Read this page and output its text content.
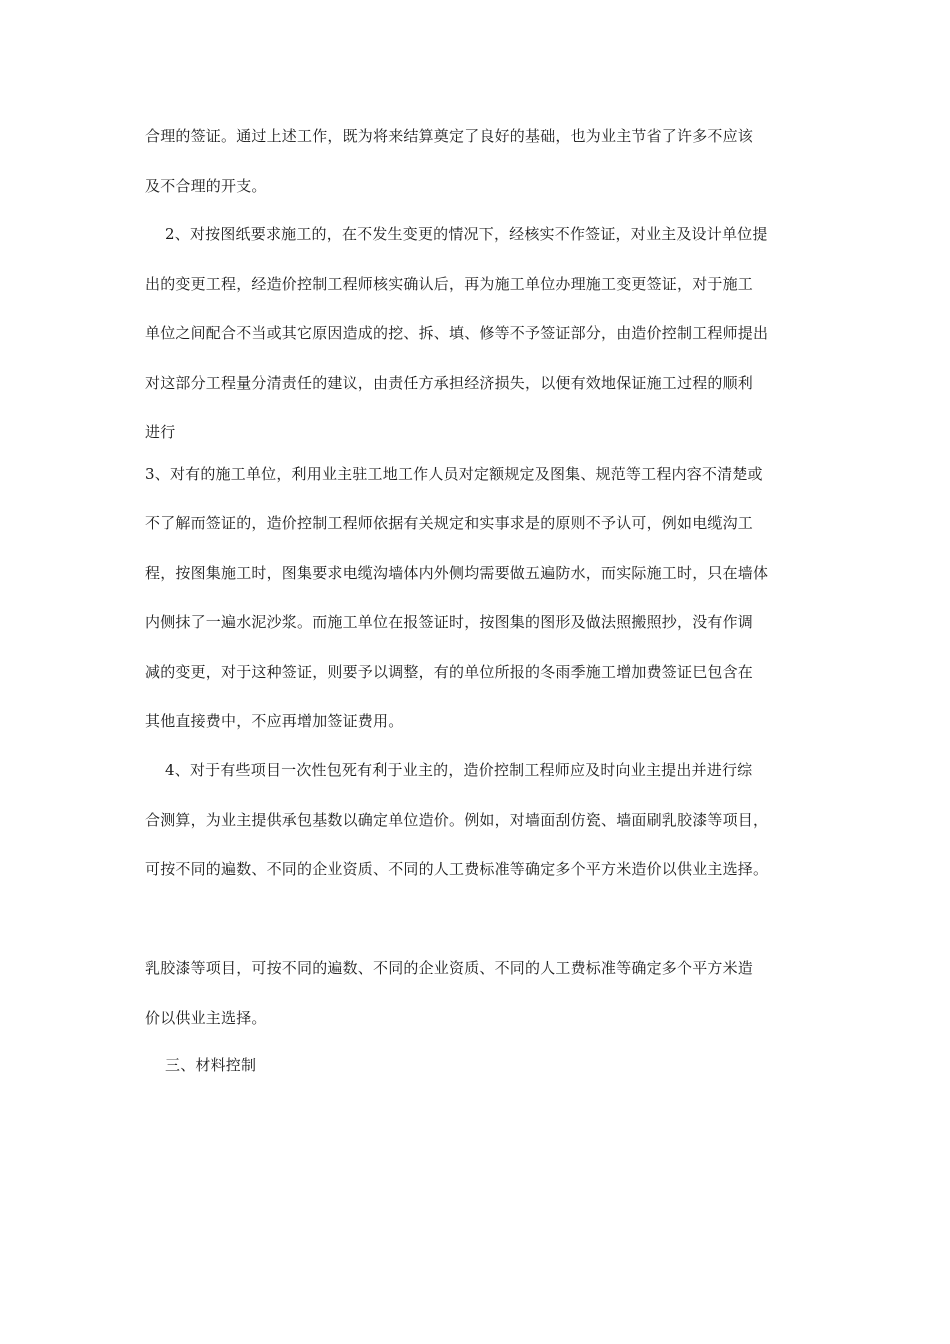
合理的签证。通过上述工作，既为将来结算奠定了良好的基础，也为业主节省了许多不应该
及不合理的开支。
2、对按图纸要求施工的，在不发生变更的情况下，经核实不作签证，对业主及设计单位提
出的变更工程，经造价控制工程师核实确认后，再为施工单位办理施工变更签证，对于施工
单位之间配合不当或其它原因造成的挖、拆、填、修等不予签证部分，由造价控制工程师提出
对这部分工程量分清责任的建议，由责任方承担经济损失，以便有效地保证施工过程的顺利
进行
3、对有的施工单位，利用业主驻工地工作人员对定额规定及图集、规范等工程内容不清楚或
不了解而签证的，造价控制工程师依据有关规定和实事求是的原则不予认可，例如电缆沟工
程，按图集施工时，图集要求电缆沟墙体内外侧均需要做五遍防水，而实际施工时，只在墙体
内侧抹了一遍水泥沙浆。而施工单位在报签证时，按图集的图形及做法照搬照抄，没有作调
减的变更，对于这种签证，则要予以调整，有的单位所报的冬雨季施工增加费签证巳包含在
其他直接费中，不应再增加签证费用。
4、对于有些项目一次性包死有利于业主的，造价控制工程师应及时向业主提出并进行综
合测算，为业主提供承包基数以确定单位造价。例如，对墙面刮仿瓷、墙面刷乳胶漆等项目，
可按不同的遍数、不同的企业资质、不同的人工费标准等确定多个平方米造价以供业主选择。
乳胶漆等项目，可按不同的遍数、不同的企业资质、不同的人工费标准等确定多个平方米造
价以供业主选择。
三、材料控制
